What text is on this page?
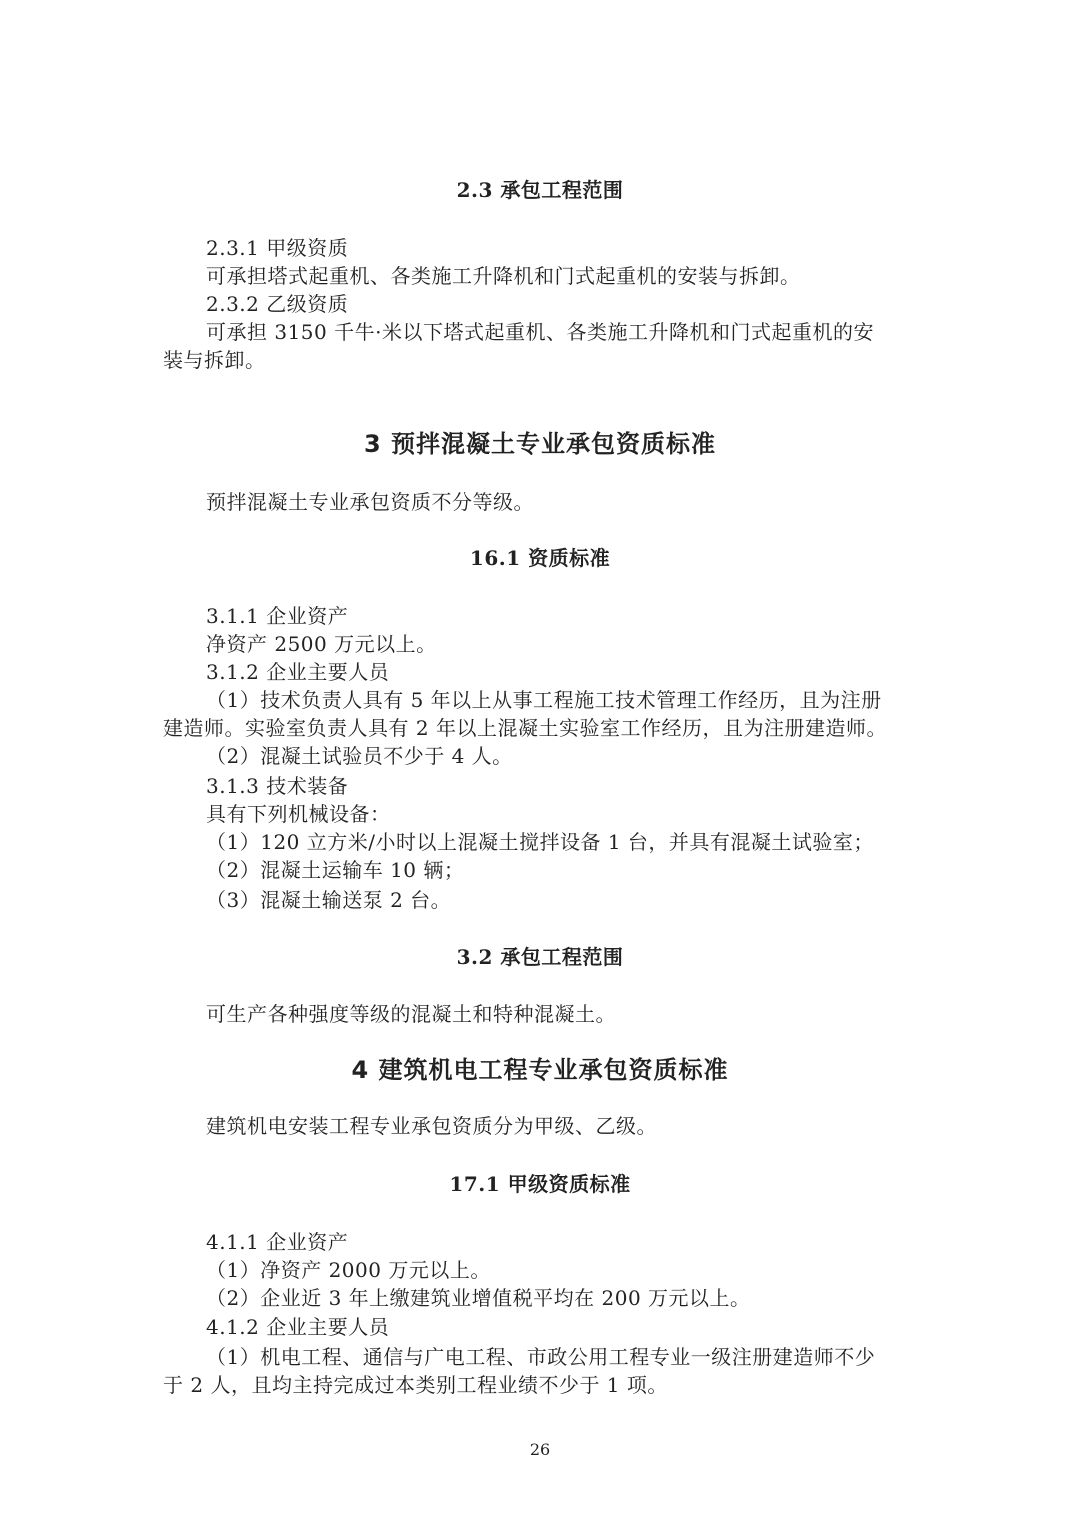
2.3 承包工程范围
2.3.1 甲级资质
可承担塔式起重机、各类施工升降机和门式起重机的安装与拆卸。
2.3.2 乙级资质
可承担 3150 千牛·米以下塔式起重机、各类施工升降机和门式起重机的安
装与拆卸。
3 预拌混凝土专业承包资质标准
预拌混凝土专业承包资质不分等级。
16.1 资质标准
3.1.1 企业资产
净资产 2500 万元以上。
3.1.2 企业主要人员
（1）技术负责人具有 5 年以上从事工程施工技术管理工作经历，且为注册
建造师。实验室负责人具有 2 年以上混凝土实验室工作经历，且为注册建造师。
（2）混凝土试验员不少于 4 人。
3.1.3 技术装备
具有下列机械设备：
（1）120 立方米/小时以上混凝土搅拌设备 1 台，并具有混凝土试验室；
（2）混凝土运输车 10 辆；
（3）混凝土输送泵 2 台。
3.2 承包工程范围
可生产各种强度等级的混凝土和特种混凝土。
4 建筑机电工程专业承包资质标准
建筑机电安装工程专业承包资质分为甲级、乙级。
17.1 甲级资质标准
4.1.1 企业资产
（1）净资产 2000 万元以上。
（2）企业近 3 年上缴建筑业增值税平均在 200 万元以上。
4.1.2 企业主要人员
（1）机电工程、通信与广电工程、市政公用工程专业一级注册建造师不少
于 2 人，且均主持完成过本类别工程业绩不少于 1 项。
26
